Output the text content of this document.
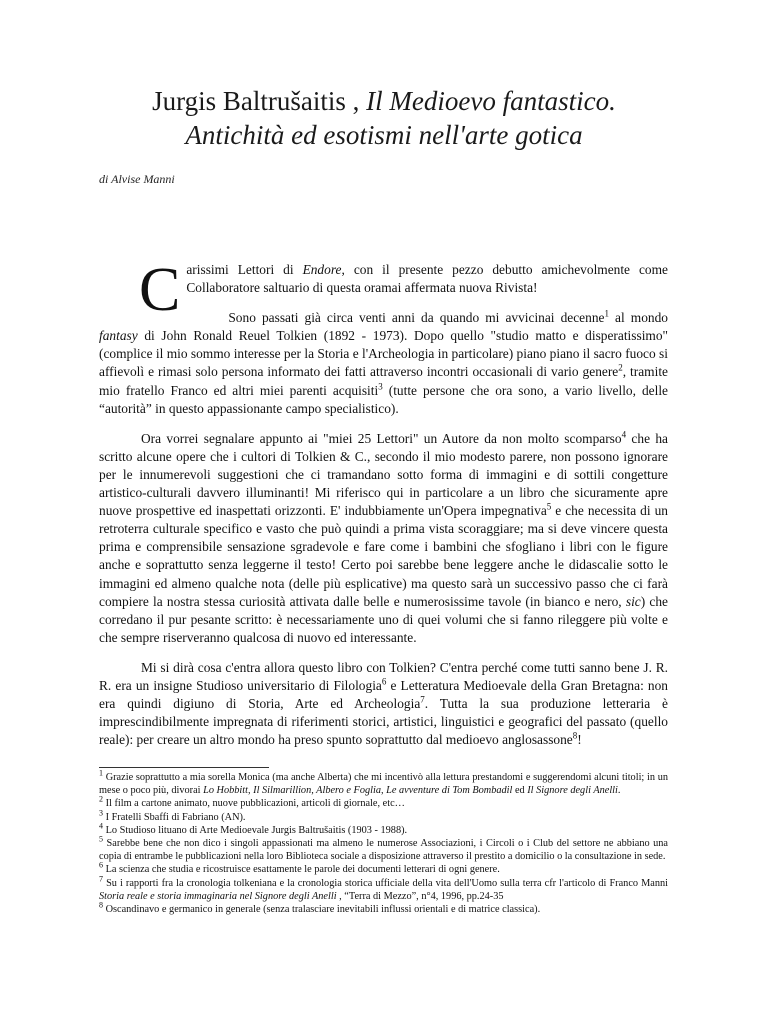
Jurgis Baltrušaitis , Il Medioevo fantastico.
Antichità ed esotismi nell'arte gotica
di Alvise Manni

C arissimi Lettori di Endore, con il presente pezzo debutto amichevolmente come Collaboratore saltuario di questa oramai affermata nuova Rivista!

Sono passati già circa venti anni da quando mi avvicinai decenne$^1$ al mondo fantasy di John Ronald Reuel Tolkien (1892 - 1973). Dopo quello "studio matto e disperatissimo" (complice il mio sommo interesse per la Storia e l'Archeologia in particolare) piano piano il sacro fuoco si affievolì e rimasi solo persona informato dei fatti attraverso incontri occasionali di vario genere$^2$, tramite mio fratello Franco ed altri miei parenti acquisiti$^3$ (tutte persone che ora sono, a vario livello, delle “autorità” in questo appassionante campo specialistico).

Ora vorrei segnalare appunto ai "miei 25 Lettori" un Autore da non molto scomparso$^4$ che ha scritto alcune opere che i cultori di Tolkien & C., secondo il mio modesto parere, non possono ignorare per le innumerevoli suggestioni che ci tramandano sotto forma di immagini e di sottili congetture artistico-culturali davvero illuminanti! Mi riferisco qui in particolare a un libro che sicuramente apre nuove prospettive ed inaspettati orizzonti. E' indubbiamente un'Opera impegnativa$^5$ e che necessita di un retroterra culturale specifico e vasto che può quindi a prima vista scoraggiare; ma si deve vincere questa prima e comprensibile sensazione sgradevole e fare come i bambini che sfogliano i libri con le figure anche e soprattutto senza leggerne il testo! Certo poi sarebbe bene leggere anche le didascalie sotto le immagini ed almeno qualche nota (delle più esplicative) ma questo sarà un successivo passo che ci farà compiere la nostra stessa curiosità attivata dalle belle e numerosissime tavole (in bianco e nero, sic) che corredano il pur pesante scritto: è necessariamente uno di quei volumi che si fanno rileggere più volte e che sempre riserveranno qualcosa di nuovo ed interessante.

Mi si dirà cosa c'entra allora questo libro con Tolkien? C'entra perché come tutti sanno bene J. R. R. era un insigne Studioso universitario di Filologia$^6$ e Letteratura Medioevale della Gran Bretagna: non era quindi digiuno di Storia, Arte ed Archeologia$^7$. Tutta la sua produzione letteraria è imprescindibilmente impregnata di riferimenti storici, artistici, linguistici e geografici del passato (quello reale): per creare un altro mondo ha preso spunto soprattutto dal medioevo anglosassone$^8$!

$^1$ Grazie soprattutto a mia sorella Monica (ma anche Alberta) che mi incentivò alla lettura prestandomi e suggerendomi alcuni titoli; in un mese o poco più, divorai Lo Hobbitt, Il Silmarillion, Albero e Foglia, Le avventure di Tom Bombadil ed Il Signore degli Anelli.

$^2$ Il film a cartone animato, nuove pubblicazioni, articoli di giornale, etc…

$^3$ I Fratelli Sbaffi di Fabriano (AN).

$^4$ Lo Studioso lituano di Arte Medioevale Jurgis Baltrušaitis (1903 - 1988).

$^5$ Sarebbe bene che non dico i singoli appassionati ma almeno le numerose Associazioni, i Circoli o i Club del settore ne abbiano una copia di entrambe le pubblicazioni nella loro Biblioteca sociale a disposizione attraverso il prestito a domicilio o la consultazione in sede.

$^6$ La scienza che studia e ricostruisce esattamente le parole dei documenti letterari di ogni genere.

$^7$ Su i rapporti fra la cronologia tolkeniana e la cronologia storica ufficiale della vita dell'Uomo sulla terra cfr l'articolo di Franco Manni Storia reale e storia immaginaria nel Signore degli Anelli , “Terra di Mezzo”, n°4, 1996, pp.24-35

$^8$ Oscandinavo e germanico in generale (senza tralasciare inevitabili influssi orientali e di matrice classica).
